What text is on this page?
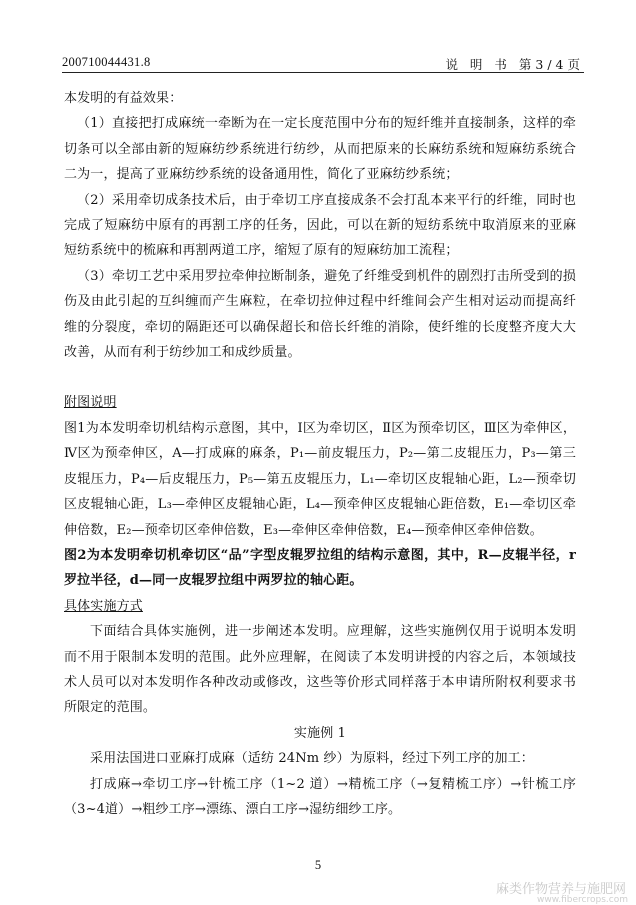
200710044431.8	说 明 书 第3/4页

本发明的有益效果：

（1）直接把打成麻统一牵断为在一定长度范围中分布的短纤维并直接制条，这样的牵切条可以全部由新的短麻纺纱系统进行纺纱，从而把原来的长麻纺系统和短麻纺系统合二为一，提高了亚麻纺纱系统的设备通用性，简化了亚麻纺纱系统；

（2）采用牵切成条技术后，由于牵切工序直接成条不会打乱本来平行的纤维，同时也完成了短麻纺中原有的再割工序的任务，因此，可以在新的短纺系统中取消原来的亚麻短纺系统中的梳麻和再割两道工序，缩短了原有的短麻纺加工流程；

（3）牵切工艺中采用罗拉牵伸拉断制条，避免了纤维受到机件的剧烈打击所受到的损伤及由此引起的互纠缠而产生麻粒，在牵切拉伸过程中纤维间会产生相对运动而提高纤维的分裂度，牵切的隔距还可以确保超长和倍长纤维的消除，使纤维的长度整齐度大大改善，从而有利于纺纱加工和成纱质量。

附图说明

图1为本发明牵切机结构示意图，其中，Ⅰ区为牵切区，Ⅱ区为预牵切区，Ⅲ区为牵伸区，Ⅳ区为预牵伸区，A—打成麻的麻条，P₁—前皮辊压力，P₂—第二皮辊压力，P₃—第三皮辊压力，P₄—后皮辊压力，P₅—第五皮辊压力，L₁—牵切区皮辊轴心距，L₂—预牵切区皮辊轴心距，L₃—牵伸区皮辊轴心距，L₄—预牵伸区皮辊轴心距倍数，E₁—牵切区牵伸倍数，E₂—预牵切区牵伸倍数，E₃—牵伸区牵伸倍数，E₄—预牵伸区牵伸倍数。

图2为本发明牵切机牵切区“品”字型皮辊罗拉组的结构示意图，其中，R—皮辊半径，r罗拉半径，d—同一皮辊罗拉组中两罗拉的轴心距。

具体实施方式

下面结合具体实施例，进一步阐述本发明。应理解，这些实施例仅用于说明本发明而不用于限制本发明的范围。此外应理解，在阅读了本发明讲授的内容之后，本领域技术人员可以对本发明作各种改动或修改，这些等价形式同样落于本申请所附权利要求书所限定的范围。

实施例 1

采用法国进口亚麻打成麻（适纺 24Nm 纱）为原料，经过下列工序的加工：

打成麻→牵切工序→针梳工序（1~2 道）→精梳工序（→复精梳工序）→针梳工序（3~4道）→粗纱工序→漂练、漂白工序→湿纺细纱工序。

5
麻类作物营养与施肥网
www.fibercrops.com
